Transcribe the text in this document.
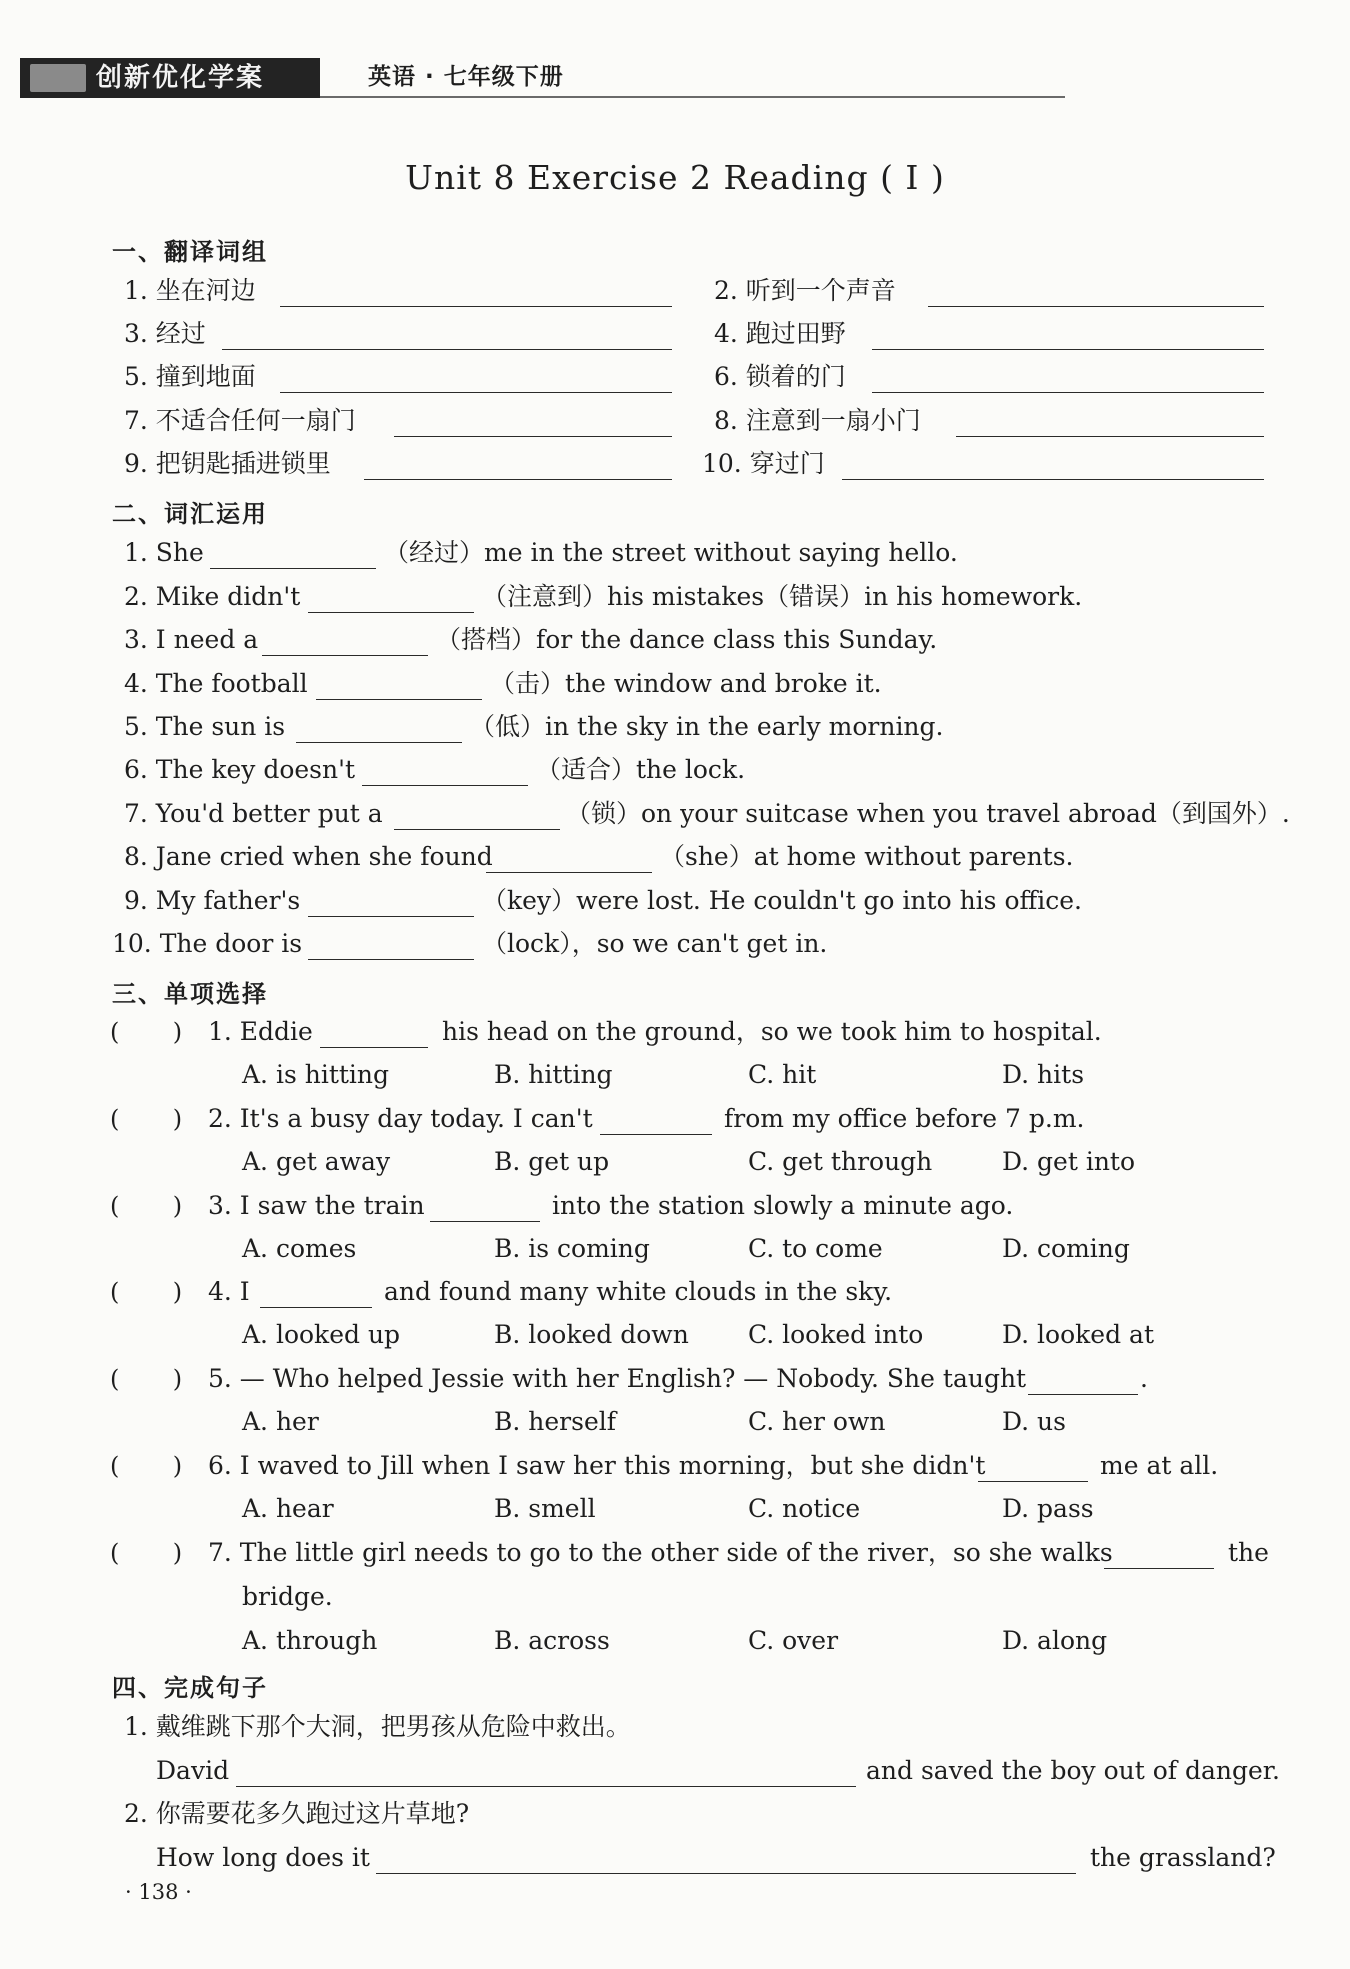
创新优化学案	英语 · 七年级下册
Unit 8 Exercise 2 Reading ( Ⅰ )
一、翻译词组
1. 坐在河边	2. 听到一个声音
3. 经过	4. 跑过田野
5. 撞到地面	6. 锁着的门
7. 不适合任何一扇门	8. 注意到一扇小门
9. 把钥匙插进锁里	10. 穿过门
二、词汇运用
1. She	（经过）me in the street without saying hello.
2. Mike didn't	（注意到）his mistakes（错误）in his homework.
3. I need a	（搭档）for the dance class this Sunday.
4. The football	（击）the window and broke it.
5. The sun is	（低）in the sky in the early morning.
6. The key doesn't	（适合）the lock.
7. You'd better put a	（锁）on your suitcase when you travel abroad（到国外）.
8. Jane cried when she found	（she）at home without parents.
9. My father's	（key）were lost. He couldn't go into his office.
10. The door is	（lock），so we can't get in.
三、单项选择
(       ) 1. Eddie	his head on the ground，so we took him to hospital.
A. is hitting	B. hitting	C. hit	D. hits
(       ) 2. It's a busy day today. I can't	from my office before 7 p.m.
A. get away	B. get up	C. get through	D. get into
(       ) 3. I saw the train	into the station slowly a minute ago.
A. comes	B. is coming	C. to come	D. coming
(       ) 4. I	and found many white clouds in the sky.
A. looked up	B. looked down C. looked into	D. looked at
(       ) 5. — Who helped Jessie with her English? — Nobody. She taught	.
A. her	B. herself	C. her own	D. us
(       ) 6. I waved to Jill when I saw her this morning，but she didn't	me at all.
A. hear	B. smell	C. notice	D. pass
(       ) 7. The little girl needs to go to the other side of the river，so she walks	the
bridge.
A. through	B. across	C. over	D. along
四、完成句子
1. 戴维跳下那个大洞，把男孩从危险中救出。
David	and saved the boy out of danger.
2. 你需要花多久跑过这片草地?
How long does it	the grassland?
· 138 ·
